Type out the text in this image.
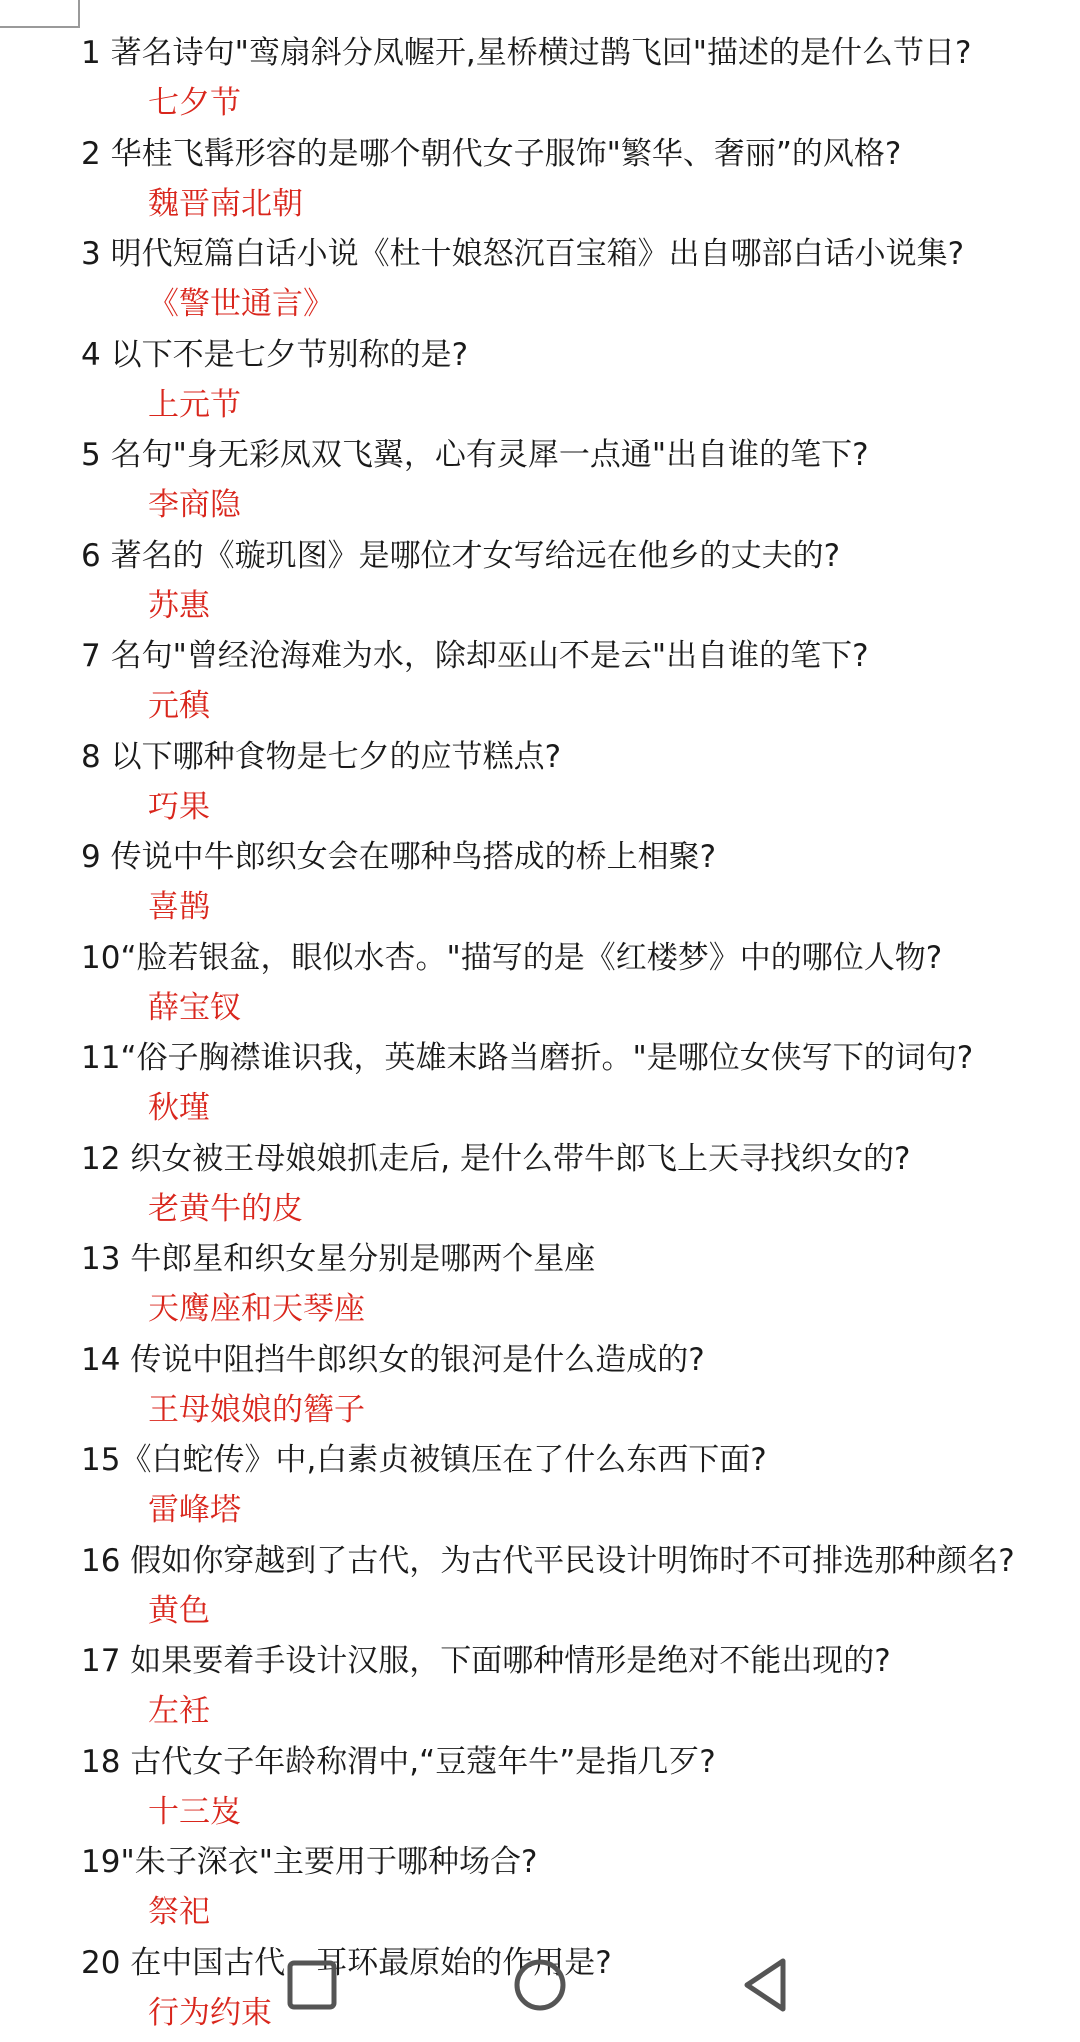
1 著名诗句"鸾扇斜分凤幄开,星桥横过鹊飞回"描述的是什么节日?
七夕节
2 华桂飞髯形容的是哪个朝代女子服饰"繁华、奢丽”的风格?
魏晋南北朝
3 明代短篇白话小说《杜十娘怒沉百宝箱》出自哪部白话小说集?
《警世通言》
4 以下不是七夕节别称的是?
上元节
5 名句"身无彩凤双飞翼，心有灵犀一点通"出自谁的笔下?
李商隐
6 著名的《璇玑图》是哪位才女写给远在他乡的丈夫的?
苏惠
7 名句"曾经沧海难为水，除却巫山不是云"出自谁的笔下?
元稹
8 以下哪种食物是七夕的应节糕点?
巧果
9 传说中牛郎织女会在哪种鸟搭成的桥上相聚?
喜鹊
10“脸若银盆，眼似水杏。"描写的是《红楼梦》中的哪位人物?
薛宝钗
11“俗子胸襟谁识我，英雄末路当磨折。"是哪位女侠写下的词句?
秋瑾
12 织女被王母娘娘抓走后, 是什么带牛郎飞上天寻找织女的?
老黄牛的皮
13 牛郎星和织女星分别是哪两个星座
天鹰座和天琴座
14 传说中阻挡牛郎织女的银河是什么造成的?
王母娘娘的簪子
15《白蛇传》中,白素贞被镇压在了什么东西下面?
雷峰塔
16 假如你穿越到了古代，为古代平民设计明饰时不可排选那种颜名?
黄色
17 如果要着手设计汉服，下面哪种情形是绝对不能出现的?
左衽
18 古代女子年龄称渭中,“豆蔻年牛”是指几歹?
十三岌
19"朱子深衣"主要用于哪种场合?
祭祀
20 在中国古代，耳环最原始的作用是?
行为约束
